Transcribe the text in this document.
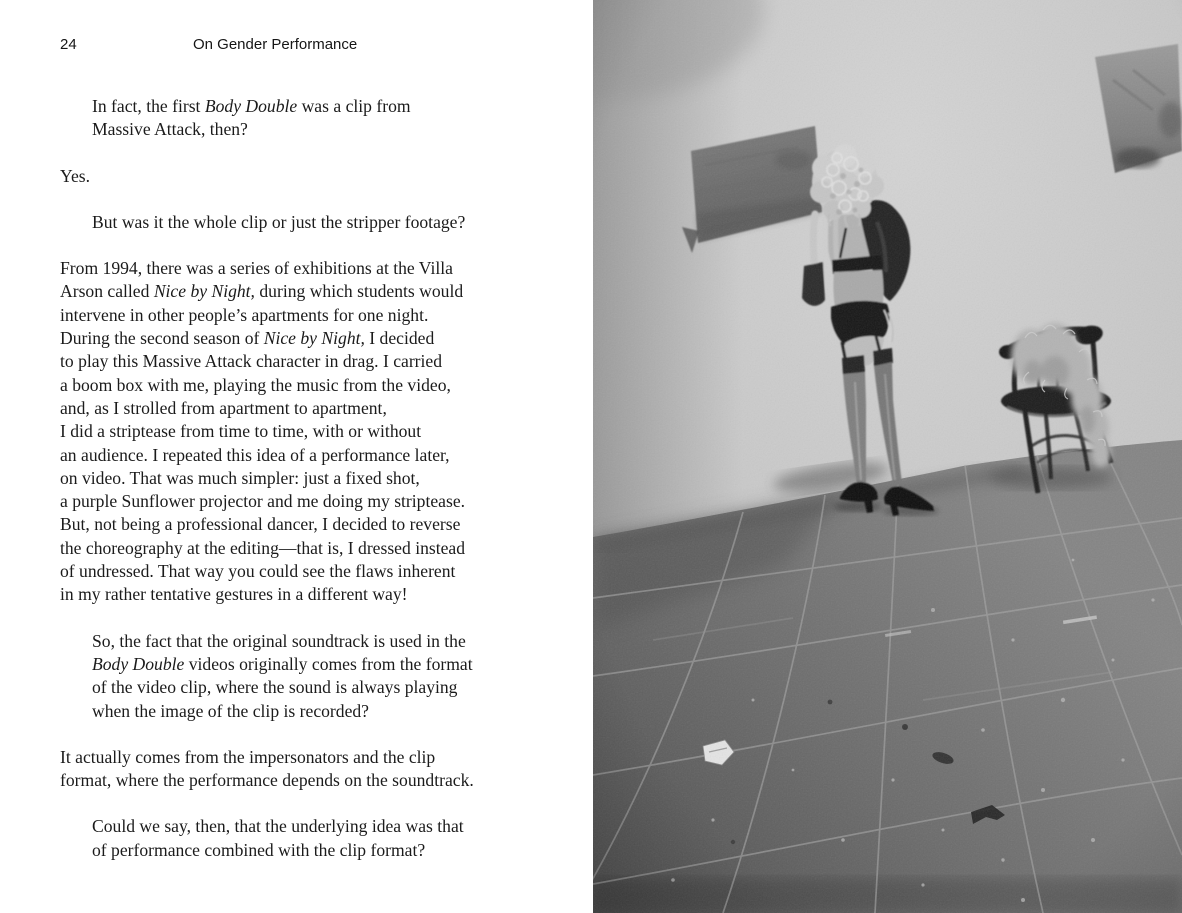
24	On Gender Performance

In fact, the first Body Double was a clip from
Massive Attack, then?

Yes.

But was it the whole clip or just the stripper footage?

From 1994, there was a series of exhibitions at the Villa
Arson called Nice by Night, during which students would
intervene in other people’s apartments for one night.
During the second season of Nice by Night, I decided
to play this Massive Attack character in drag. I carried
a boom box with me, playing the music from the video,
and, as I strolled from apartment to apartment,
I did a striptease from time to time, with or without
an audience. I repeated this idea of a performance later,
on video. That was much simpler: just a fixed shot,
a purple Sunflower projector and me doing my striptease.
But, not being a professional dancer, I decided to reverse
the choreography at the editing—that is, I dressed instead
of undressed. That way you could see the flaws inherent
in my rather tentative gestures in a different way!

So, the fact that the original soundtrack is used in the
Body Double videos originally comes from the format
of the video clip, where the sound is always playing
when the image of the clip is recorded?

It actually comes from the impersonators and the clip
format, where the performance depends on the soundtrack.

Could we say, then, that the underlying idea was that
of performance combined with the clip format?
